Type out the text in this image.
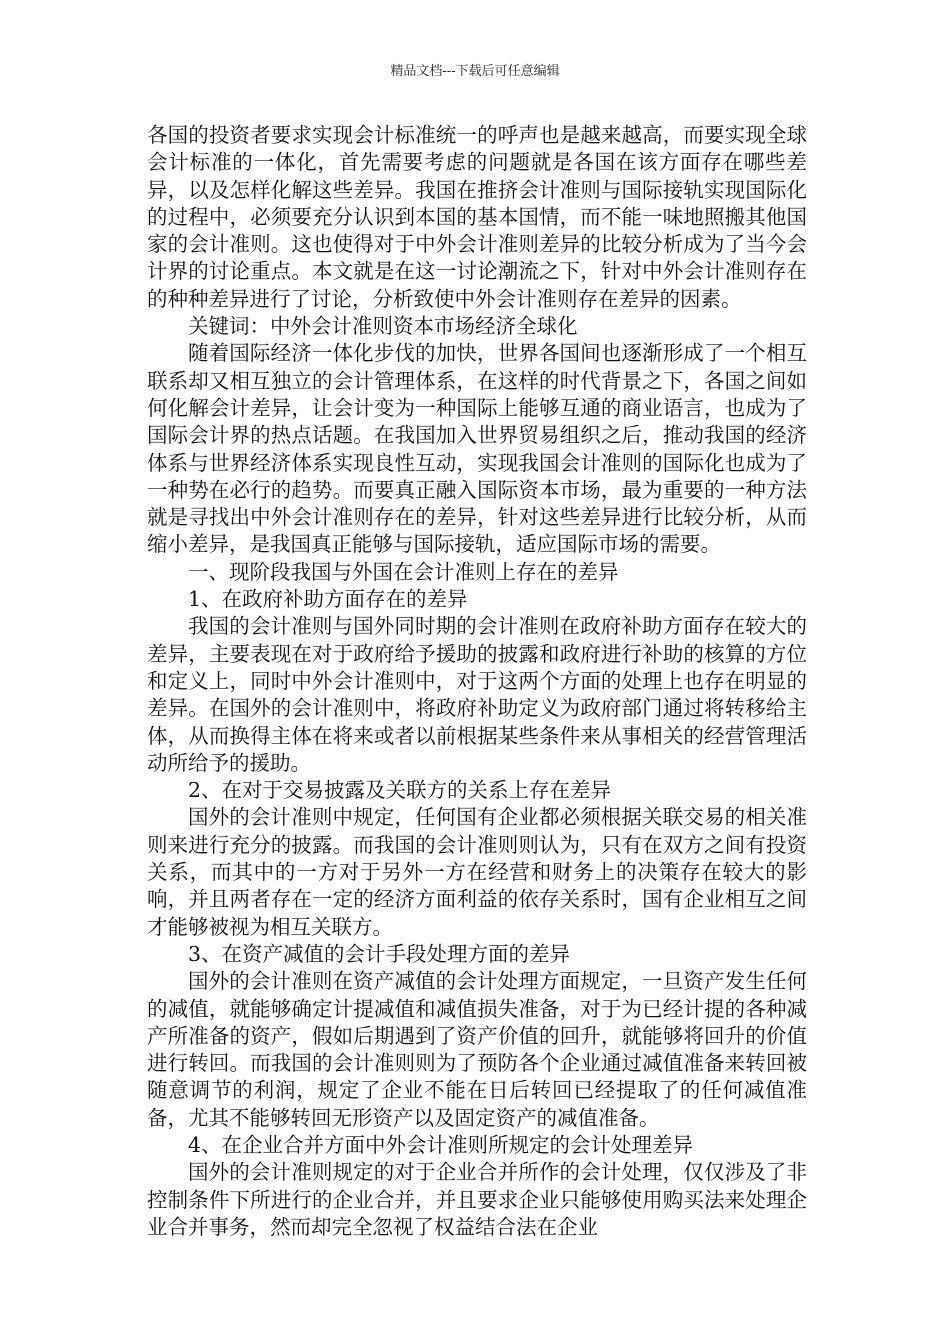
精品文档---下载后可任意编辑

各国的投资者要求实现会计标准统一的呼声也是越来越高，而要实现全球会计标准的一体化，首先需要考虑的问题就是各国在该方面存在哪些差异，以及怎样化解这些差异。我国在推挤会计准则与国际接轨实现国际化的过程中，必须要充分认识到本国的基本国情，而不能一味地照搬其他国家的会计准则。这也使得对于中外会计准则差异的比较分析成为了当今会计界的讨论重点。本文就是在这一讨论潮流之下，针对中外会计准则存在的种种差异进行了讨论，分析致使中外会计准则存在差异的因素。

关键词：中外会计准则资本市场经济全球化

随着国际经济一体化步伐的加快，世界各国间也逐渐形成了一个相互联系却又相互独立的会计管理体系，在这样的时代背景之下，各国之间如何化解会计差异，让会计变为一种国际上能够互通的商业语言，也成为了国际会计界的热点话题。在我国加入世界贸易组织之后，推动我国的经济体系与世界经济体系实现良性互动，实现我国会计准则的国际化也成为了一种势在必行的趋势。而要真正融入国际资本市场，最为重要的一种方法就是寻找出中外会计准则存在的差异，针对这些差异进行比较分析，从而缩小差异，是我国真正能够与国际接轨，适应国际市场的需要。

一、现阶段我国与外国在会计准则上存在的差异

1、在政府补助方面存在的差异

我国的会计准则与国外同时期的会计准则在政府补助方面存在较大的差异，主要表现在对于政府给予援助的披露和政府进行补助的核算的方位和定义上，同时中外会计准则中，对于这两个方面的处理上也存在明显的差异。在国外的会计准则中，将政府补助定义为政府部门通过将转移给主体，从而换得主体在将来或者以前根据某些条件来从事相关的经营管理活动所给予的援助。

2、在对于交易披露及关联方的关系上存在差异

国外的会计准则中规定，任何国有企业都必须根据关联交易的相关准则来进行充分的披露。而我国的会计准则则认为，只有在双方之间有投资关系，而其中的一方对于另外一方在经营和财务上的决策存在较大的影响，并且两者存在一定的经济方面利益的依存关系时，国有企业相互之间才能够被视为相互关联方。

3、在资产减值的会计手段处理方面的差异

国外的会计准则在资产减值的会计处理方面规定，一旦资产发生任何的减值，就能够确定计提减值和减值损失准备，对于为已经计提的各种减产所准备的资产，假如后期遇到了资产价值的回升，就能够将回升的价值进行转回。而我国的会计准则则为了预防各个企业通过减值准备来转回被随意调节的利润，规定了企业不能在日后转回已经提取了的任何减值准备，尤其不能够转回无形资产以及固定资产的减值准备。

4、在企业合并方面中外会计准则所规定的会计处理差异

国外的会计准则规定的对于企业合并所作的会计处理，仅仅涉及了非控制条件下所进行的企业合并，并且要求企业只能够使用购买法来处理企业合并事务，然而却完全忽视了权益结合法在企业
